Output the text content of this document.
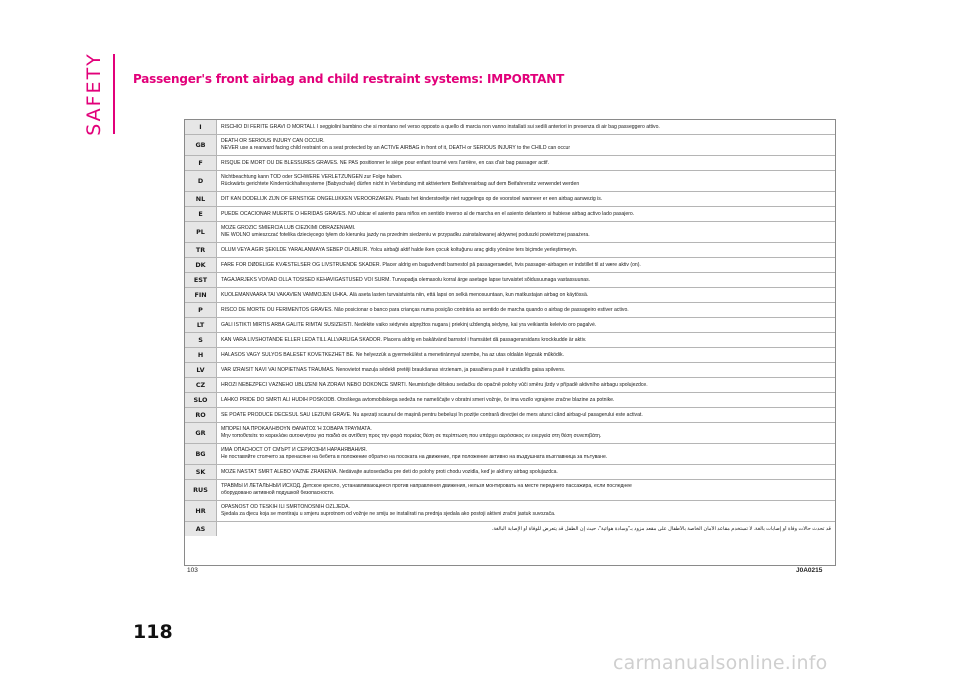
SAFETY Passenger's front airbag and child restraint systems: IMPORTANT
I	RISCHIO DI FERITE GRAVI O MORTALI. I seggiolini bambino che si montano nel verso opposto a quello di marcia non vanno installati sui sedili anteriori in presenza di air bag passeggero attivo.

GB	DEATH OR SERIOUS INJURY CAN OCCUR.
NEVER use a rearward facing child restraint on a seat protected by an ACTIVE AIRBAG in front of it, DEATH or SERIOUS INJURY to the CHILD can occur

F	RISQUE DE MORT OU DE BLESSURES GRAVES. NE PAS positionner le siège pour enfant tourné vers l'arrière, en cas d'air bag passager actif.

D	Nichtbeachtung kann TOD oder SCHWERE VERLETZUNGEN zur Folge haben.
Rückwärts gerichtete Kinderrückhaltesysteme (Babyschale) dürfen nicht in Verbindung mit aktiviertem Beifahrerairbag auf dem Beifahrersitz verwendet werden

NL	DIT KAN DODELIJK ZIJN OF ERNSTIGE ONGELUKKEN VEROORZAKEN. Plaats het kinderstoeltje niet ruggelings op de voorstoel wanneer er een airbag aanwezig is.

E	PUEDE OCACIONAR MUERTE O HERIDAS GRAVES. NO ubicar el asiento para niños en sentido inverso al de marcha en el asiento delantero si hubiese airbag activo lado pasajero.

PL	MOŻE GROZIĆ ŚMIERCIA LUB CIEŻKIMI OBRAŻENIAMI.
NIE WOLNO umieszczać fotelika dziecięcego tyłem do kierunku jazdy na przednim siedzeniu w przypadku zainstalowanej aktywnej poduszki powietrznej pasażera.

TR	ÖLÜM VEYA AĞIR ŞEKİLDE YARALANMAYA SEBEP OLABİLİR. Yolcu airbaği aktif halde iken çocuk koltuğunu araç gidiş yönüne ters biçimde yerleştirmeyin.

DK	FARE FOR DØDELIGE KVÆSTELSER OG LIVSTRUENDE SKADER. Placer aldrig en bagudvendt barnestol på passagersædet, hvis passager-airbagen er indstillet til at være aktiv (on).

EST	TAGAJÄRJEKS VÕIVAD OLLA TÕSISED KEHAVIGASTUSED VÕI SURM. Turvapadja olemasolu korral ärge asetage lapse turvaistet sõidusuunaga vastassuunas.

FIN	KUOLEMANVAARA TAI VAKAVIEN VAMMOJEN UHKA. Älä aseta lasten turvaistuinta niin, että lapsi on selkä menosuuntaan, kun matkustajan airbag on käytössä.

P	RISCO DE MORTE OU FERIMENTOS GRAVES. Não posicionar o banco para crianças numa posição contrária ao sentido de marcha quando o airbag de passageiro estiver activo.

LT	GALI IŠTIKTI MIRTIS ARBA GALITE RIMTAI SUSIŽEISTI. Nedėkite vaiko sėdynės atgręžtos nugara į priekinį uždengtą sėdynę, kai yra veikiantis keleivio oro pagalvė.

S	KAN VARA LIVSHOTANDE ELLER LEDA TILL ALLVARLIGA SKADOR. Placera aldrig en bakåtvänd barnstol i framsätet då passagerarsidans krockkudde är aktiv.

H	HALÁSOS VAGY SÚLYOS BALESET KÖVETKEZHET BE. Ne helyezzük a gyermekülést a menetiránnyal szembe, ha az utas oldalán légzsák működik.

LV	VAR IZRAISĪT NĀVI VAI NOPIETNAS TRAUMAS. Nenovietot mazuļa sēdekli pretēji braukšanas virzienam, ja pasažiera pusē ir uzstādīts gaisa spilvens.

CZ	HROZÍ NEBEZPEČÍ VÁŽNÉHO UBLÍŽENÍ NA ZDRAVÍ NEBO DOKONCE SMRTI. Neumisťujte dětskou sedačku do opačně polohy vůči směru jízdy v případě aktivního airbagu spolujezdce.

SLO	LAHKO PRIDE DO SMRTI ALI HUDIH POŠKODB. Otroškega avtomobilskega sedeža ne nameščajte v obratni smeri vožnje, če ima vozilo vgrajene zračne blazine za potnike.

RO	SE POATE PRODUCE DECESUL SAU LEZIUNI GRAVE. Nu așezați scaunul de mașină pentru bebeluși în poziție contrară direcției de mers atunci când airbag-ul pasagerului este activat.

GR	ΜΠΟΡΕΙ ΝΑ ΠΡΟΚΑΛΗΘΟΥΝ ΘΑΝΑΤΟΣ Ή ΣΟΒΑΡΑ ΤΡΑΥΜΑΤΑ.
Μην τοποθετείτε το καρεκλάκι αυτοκινήτου για παιδιά σε αντίθετη προς την φορά πορείας θέση σε περίπτωση που υπάρχει αερόσακος εν ενεργεία στη θέση συνεπιβάτη.

BG	ИМА ОПАСНОСТ ОТ СМЪРТ И СЕРИОЗНИ НАРАНЯВАНИЯ.
Не поставяйте столчето за пренасяне на бебета в положение обратно на посоката на движение, при положение активно на въздушната възглавница за пътуване.

SK	MÔŽE NASTAŤ SMRŤ ALEBO VÁŽNE ZRANENIA. Nedávajte autosedačku pre deti do polohy proti chodu vozidla, keď je aktívny airbag spolujazdca.

RUS	ТРАВМЫ И ЛЕТАЛЬНЫЙ ИСХОД. Детское кресло, устанавливающееся против направления движения, нельзя монтировать на месте переднего пассажира, если последнее
оборудовано активной подушкой безопасности.

HR	OPASNOST OD TEŠKIH ILI SMRTONOSNIH OZLJEDA.
Sjedala za djecu koja se montiraju u smjeru suprotnom od vožnje ne smiju se instalirati na prednja sjedala ako postoji aktivni zračni jastuk suvozača.

AS	قد تحدث حالات وفاة أو إصابات بالغة. لا تستخدم مقاعد الأمان الخاصة بالأطفال على مقعد مزود بـ"وسادة هوائية"، حيث إن الطفل قد يتعرض للوفاة أو الإصابة البالغة.
103	J0A0215
118
carmanualsonline.info
